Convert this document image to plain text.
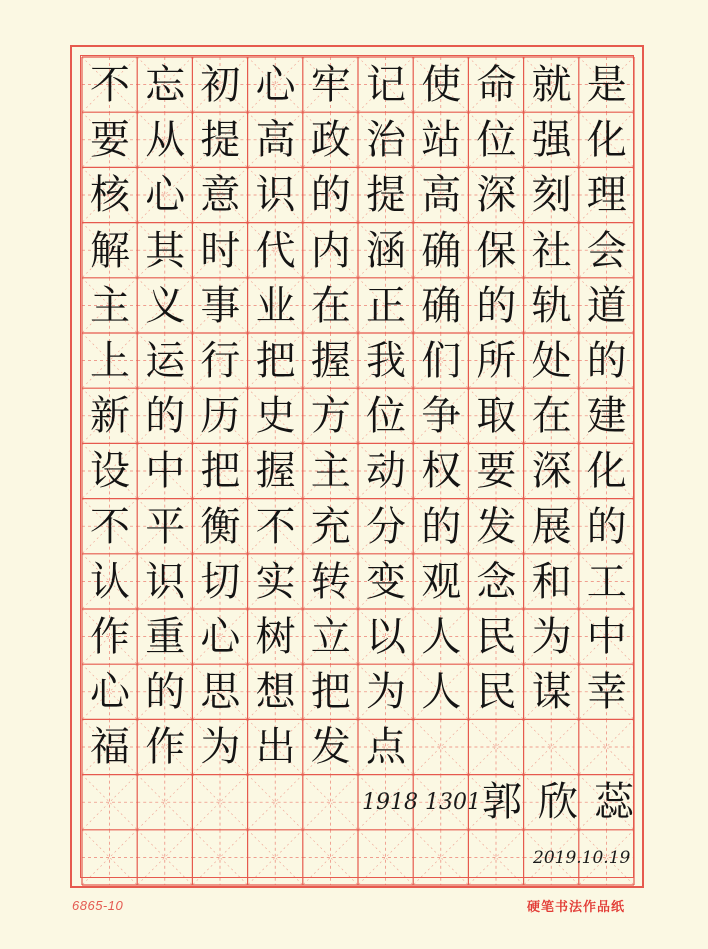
不 忘 初 心 牢 记 使 命 就 是
要 从 提 高 政 治 站 位 强 化
核 心 意 识 的 提 高 深 刻 理
解 其 时 代 内 涵 确 保 社 会
主 义 事 业 在 正 确 的 轨 道
上 运 行 把 握 我 们 所 处 的
新 的 历 史 方 位 争 取 在 建
设 中 把 握 主 动 权 要 深 化
不 平 衡 不 充 分 的 发 展 的
认 识 切 实 转 变 观 念 和 工
作 重 心 树 立 以 人 民 为 中
心 的 思 想 把 为 人 民 谋 幸
福 作 为 出 发 点
1918 1301 郭 欣 蕊
2019.10.19
6865-10	硬笔书法作品纸
